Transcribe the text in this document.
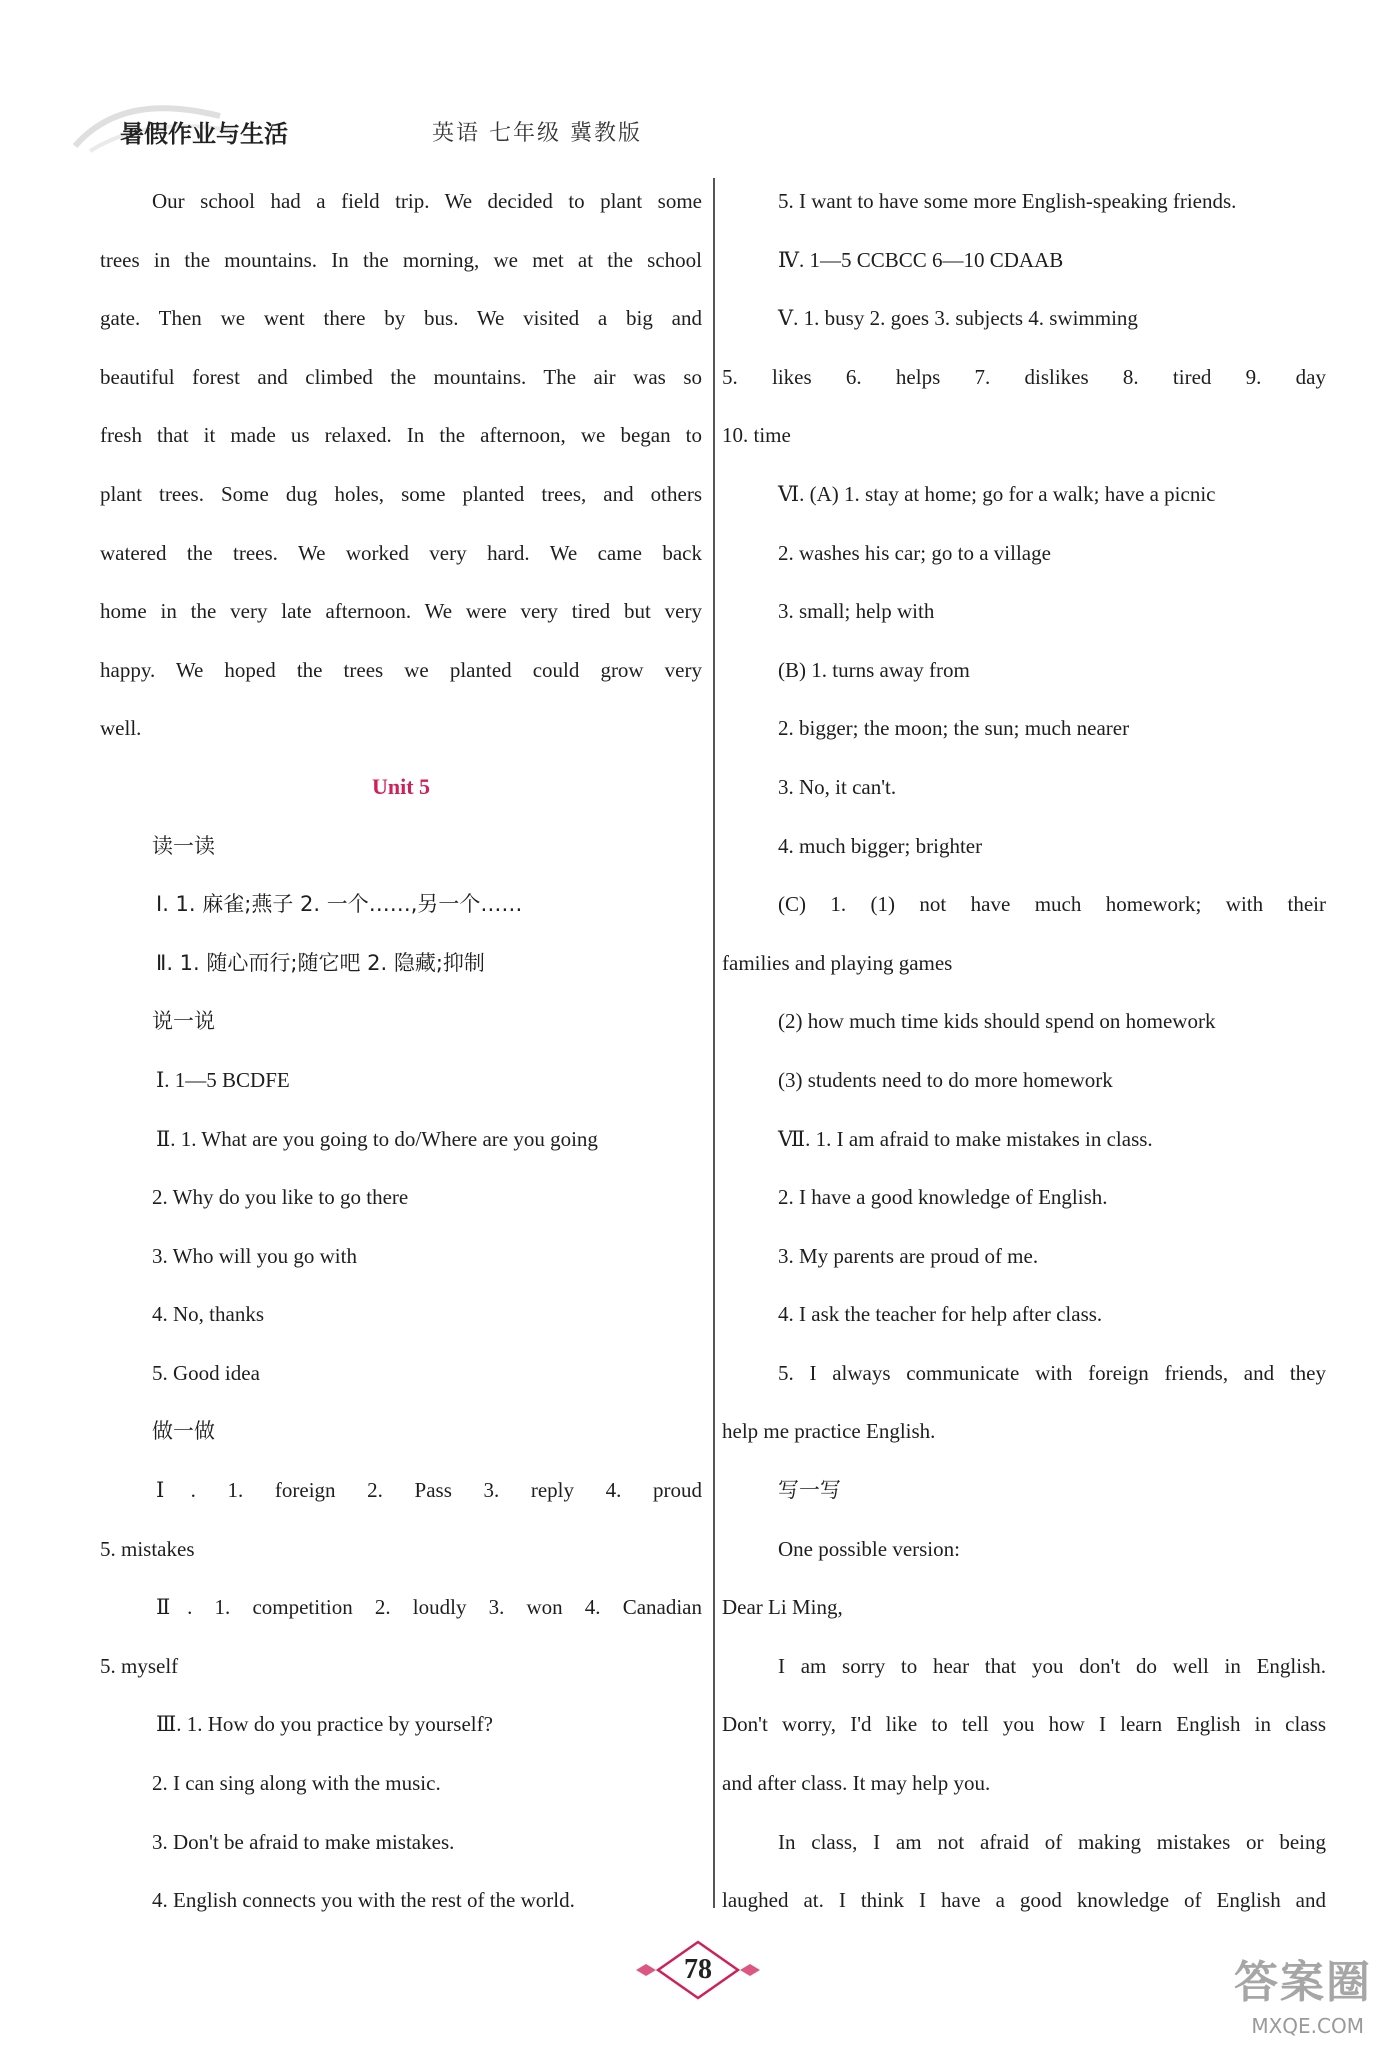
暑假作业与生活	英语 七年级 冀教版
Our school had a field trip. We decided to plant some
trees in the mountains. In the morning, we met at the school
gate. Then we went there by bus. We visited a big and
beautiful forest and climbed the mountains. The air was so
fresh that it made us relaxed. In the afternoon, we began to
plant trees. Some dug holes, some planted trees, and others
watered the trees. We worked very hard. We came back
home in the very late afternoon. We were very tired but very
happy. We hoped the trees we planted could grow very
well.
Unit 5
读一读
Ⅰ. 1. 麻雀;燕子 2. 一个……,另一个……
Ⅱ. 1. 随心而行;随它吧 2. 隐藏;抑制
说一说
Ⅰ. 1—5 BCDFE
Ⅱ. 1. What are you going to do/Where are you going
2. Why do you like to go there
3. Who will you go with
4. No, thanks
5. Good idea
做一做
Ⅰ. 1. foreign 2. Pass 3. reply 4. proud
5. mistakes
Ⅱ. 1. competition 2. loudly 3. won 4. Canadian
5. myself
Ⅲ. 1. How do you practice by yourself?
2. I can sing along with the music.
3. Don't be afraid to make mistakes.
4. English connects you with the rest of the world.
5. I want to have some more English-speaking friends.
Ⅳ. 1—5 CCBCC 6—10 CDAAB
Ⅴ. 1. busy 2. goes 3. subjects 4. swimming
5. likes 6. helps 7. dislikes 8. tired 9. day
10. time
Ⅵ. (A) 1. stay at home; go for a walk; have a picnic
2. washes his car; go to a village
3. small; help with
(B) 1. turns away from
2. bigger; the moon; the sun; much nearer
3. No, it can't.
4. much bigger; brighter
(C) 1. (1) not have much homework; with their
families and playing games
(2) how much time kids should spend on homework
(3) students need to do more homework
Ⅶ. 1. I am afraid to make mistakes in class.
2. I have a good knowledge of English.
3. My parents are proud of me.
4. I ask the teacher for help after class.
5. I always communicate with foreign friends, and they
help me practice English.
写一写
One possible version:
Dear Li Ming,
I am sorry to hear that you don't do well in English.
Don't worry, I'd like to tell you how I learn English in class
and after class. It may help you.
In class, I am not afraid of making mistakes or being
laughed at. I think I have a good knowledge of English and
78	答案圈
MXQE.COM
